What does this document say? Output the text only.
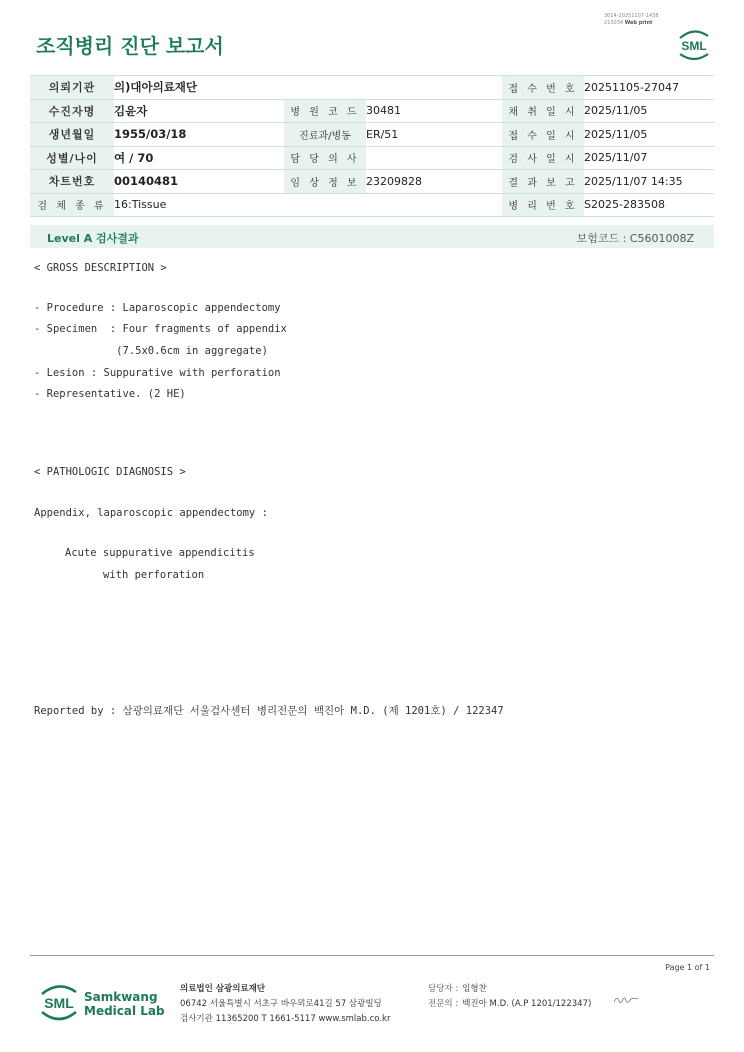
3014-20251107-1438
210034 Web print
조직병리 진단 보고서	SML
의뢰기관	의)대아의료재단			접 수 번 호	20251105-27047
수진자명	김윤자	병 원 코 드	30481	채 취 일 시	2025/11/05
생년월일	1955/03/18	진료과/병동	ER/51	접 수 일 시	2025/11/05
성별/나이	여 / 70	담 당 의 사		검 사 일 시	2025/11/07
차트번호	00140481	임 상 정 보	23209828	결 과 보 고	2025/11/07 14:35
검 체 종 류	16:Tissue			병 리 번 호	S2025-283508
Level A 검사결과	보험코드 : C5601008Z
< GROSS DESCRIPTION >
- Procedure : Laparoscopic appendectomy
- Specimen  : Four fragments of appendix
(7.5x0.6cm in aggregate)
- Lesion : Suppurative with perforation
- Representative. (2 HE)
< PATHOLOGIC DIAGNOSIS >
Appendix, laparoscopic appendectomy :
Acute suppurative appendicitis
with perforation
Reported by : 삼광의료재단 서울검사센터 병리전문의 백진아 M.D. (제 1201호) / 122347
Page 1 of 1
SML Samkwang
Medical Lab
의료법인 삼광의료재단
06742 서울특별시 서초구 바우뫼로41길 57 삼광빌딩
검사기관 11365200 T 1661-5117 www.smlab.co.kr
담당자 : 임형찬
전문의 : 백진아 M.D. (A.P 1201/122347)
